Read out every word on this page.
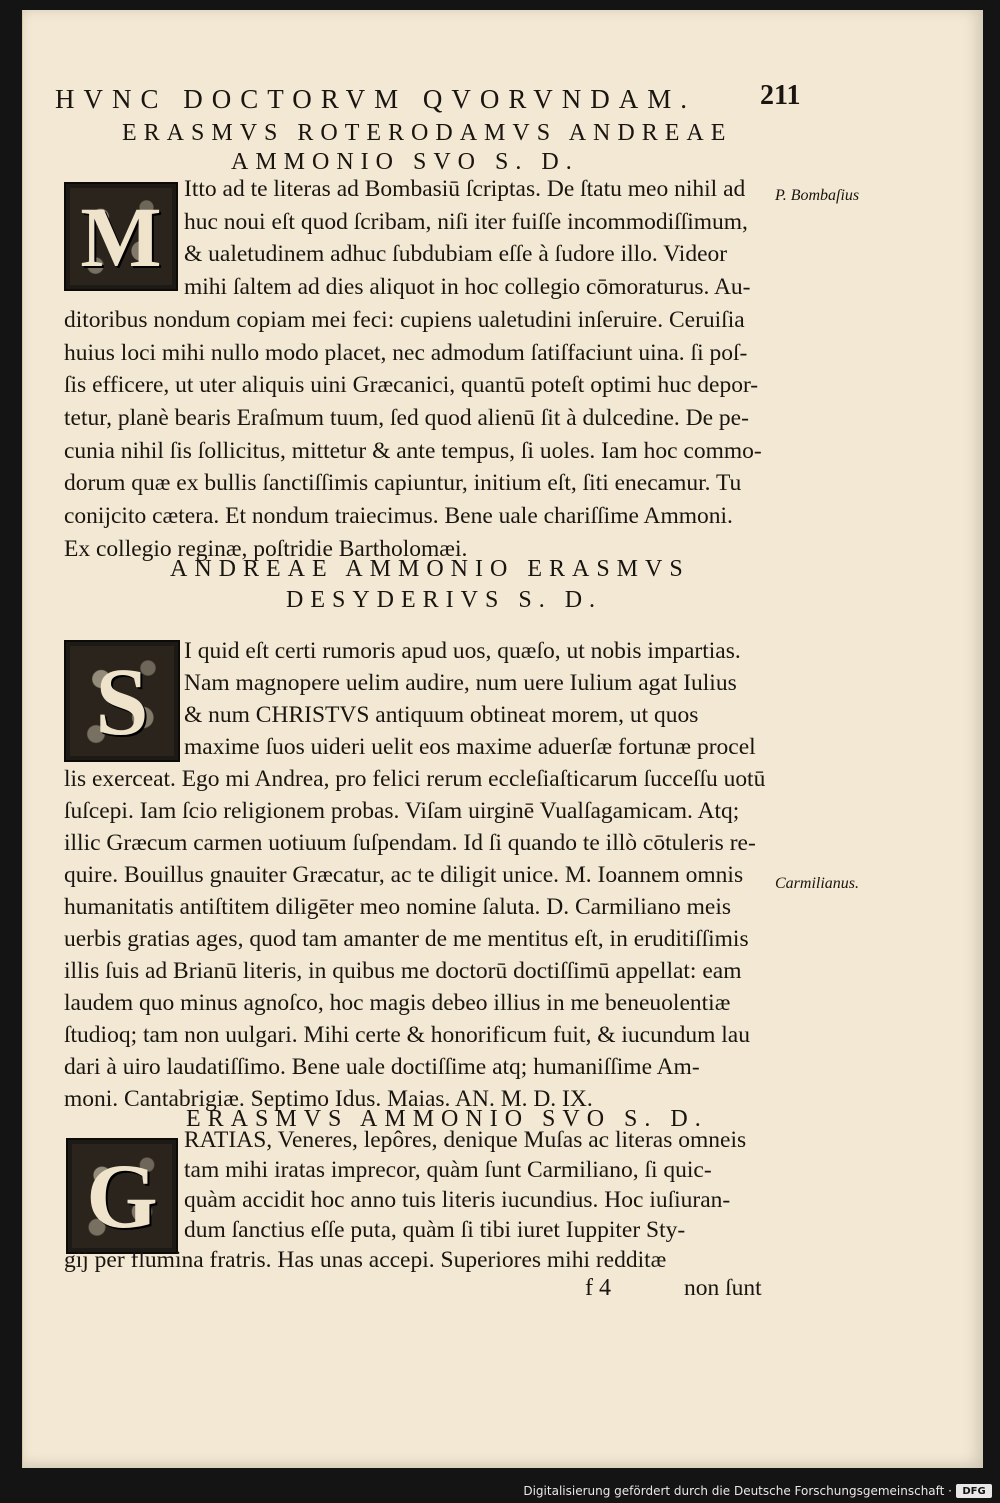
HVNC DOCTORVM QVORVNDAM. 211
ERASMVS ROTERODAMVS ANDREAE
AMMONIO SVO S. D.
M Itto ad te literas ad Bombasiū ſcriptas. De ſtatu meo nihil ad
huc noui eſt quod ſcribam, niſi iter fuiſſe incommodiſſimum,
& ualetudinem adhuc ſubdubiam eſſe à ſudore illo. Videor
mihi ſaltem ad dies aliquot in hoc collegio cōmoraturus. Au-
ditoribus nondum copiam mei feci: cupiens ualetudini inſeruire. Ceruiſia
huius loci mihi nullo modo placet, nec admodum ſatiſfaciunt uina. ſi poſ-
ſis efficere, ut uter aliquis uini Græcanici, quantū poteſt optimi huc depor-
tetur, planè bearis Eraſmum tuum, ſed quod alienū ſit à dulcedine. De pe-
cunia nihil ſis ſollicitus, mittetur & ante tempus, ſi uoles. Iam hoc commo-
dorum quæ ex bullis ſanctiſſimis capiuntur, initium eſt, ſiti enecamur. Tu
conijcito cætera. Et nondum traiecimus. Bene uale chariſſime Ammoni.
Ex collegio reginæ, poſtridie Bartholomæi.
P. Bombaſius
ANDREAE AMMONIO ERASMVS
DESYDERIVS S. D.
S	I quid eſt certi rumoris apud uos, quæſo, ut nobis impartias.
Nam magnopere uelim audire, num uere Iulium agat Iulius
& num CHRISTVS antiquum obtineat morem, ut quos
maxime ſuos uideri uelit eos maxime aduerſæ fortunæ procel
lis exerceat. Ego mi Andrea, pro felici rerum eccleſiaſticarum ſucceſſu uotū
ſuſcepi. Iam ſcio religionem probas. Viſam uirginē Vualſagamicam. Atq;
illic Græcum carmen uotiuum ſuſpendam. Id ſi quando te illò cōtuleris re-
quire. Bouillus gnauiter Græcatur, ac te diligit unice. M. Ioannem omnis
humanitatis antiſtitem diligēter meo nomine ſaluta. D. Carmiliano meis
uerbis gratias ages, quod tam amanter de me mentitus eſt, in eruditiſſimis
illis ſuis ad Brianū literis, in quibus me doctorū doctiſſimū appellat: eam
laudem quo minus agnoſco, hoc magis debeo illius in me beneuolentiæ
ſtudioq; tam non uulgari. Mihi certe & honorificum fuit, & iucundum lau
dari à uiro laudatiſſimo. Bene uale doctiſſime atq; humaniſſime Am-
moni. Cantabrigiæ. Septimo Idus. Maias. AN. M. D. IX.
Carmilianus.
ERASMVS AMMONIO SVO S. D.
G
RATIAS, Veneres, lepôres, denique Muſas ac literas omneis
tam mihi iratas imprecor, quàm ſunt Carmiliano, ſi quic-
quàm accidit hoc anno tuis literis iucundius. Hoc iuſiuran-
dum ſanctius eſſe puta, quàm ſi tibi iuret Iuppiter Sty-
gij per flumina fratris. Has unas accepi. Superiores mihi redditæ
f 4	non ſunt
Digitalisierung gefördert durch die Deutsche Forschungsgemeinschaft ·	DFG
